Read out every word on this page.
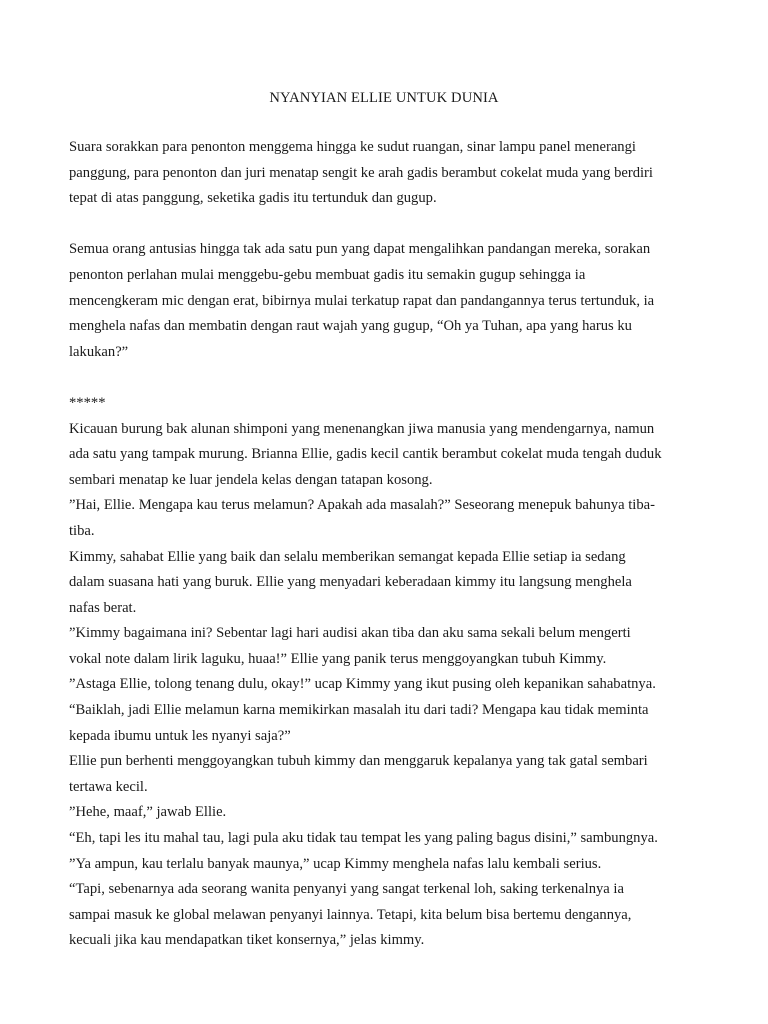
NYANYIAN ELLIE UNTUK DUNIA
Suara sorakkan para penonton menggema hingga ke sudut ruangan, sinar lampu panel menerangi
panggung, para penonton dan juri menatap sengit ke arah gadis berambut cokelat muda yang berdiri
tepat di atas panggung, seketika gadis itu tertunduk dan gugup.
Semua orang antusias hingga tak ada satu pun yang dapat mengalihkan pandangan mereka, sorakan
penonton perlahan mulai menggebu-gebu membuat gadis itu semakin gugup sehingga ia
mencengkeram mic dengan erat, bibirnya mulai terkatup rapat dan pandangannya terus tertunduk, ia
menghela nafas dan membatin dengan raut wajah yang gugup, “Oh ya Tuhan, apa yang harus ku
lakukan?”
*****
Kicauan burung bak alunan shimponi yang menenangkan jiwa manusia yang mendengarnya, namun
ada satu yang tampak murung. Brianna Ellie, gadis kecil cantik berambut cokelat muda tengah duduk
sembari menatap ke luar jendela kelas dengan tatapan kosong.
”Hai, Ellie. Mengapa kau terus melamun? Apakah ada masalah?” Seseorang menepuk bahunya tiba-
tiba.
Kimmy, sahabat Ellie yang baik dan selalu memberikan semangat kepada Ellie setiap ia sedang
dalam suasana hati yang buruk. Ellie yang menyadari keberadaan kimmy itu langsung menghela
nafas berat.
”Kimmy bagaimana ini? Sebentar lagi hari audisi akan tiba dan aku sama sekali belum mengerti
vokal note dalam lirik laguku, huaa!” Ellie yang panik terus menggoyangkan tubuh Kimmy.
”Astaga Ellie, tolong tenang dulu, okay!” ucap Kimmy yang ikut pusing oleh kepanikan sahabatnya.
“Baiklah, jadi Ellie melamun karna memikirkan masalah itu dari tadi? Mengapa kau tidak meminta
kepada ibumu untuk les nyanyi saja?”
Ellie pun berhenti menggoyangkan tubuh kimmy dan menggaruk kepalanya yang tak gatal sembari
tertawa kecil.
”Hehe, maaf,” jawab Ellie.
“Eh, tapi les itu mahal tau, lagi pula aku tidak tau tempat les yang paling bagus disini,” sambungnya.
”Ya ampun, kau terlalu banyak maunya,” ucap Kimmy menghela nafas lalu kembali serius.
“Tapi, sebenarnya ada seorang wanita penyanyi yang sangat terkenal loh, saking terkenalnya ia
sampai masuk ke global melawan penyanyi lainnya. Tetapi, kita belum bisa bertemu dengannya,
kecuali jika kau mendapatkan tiket konsernya,” jelas kimmy.
